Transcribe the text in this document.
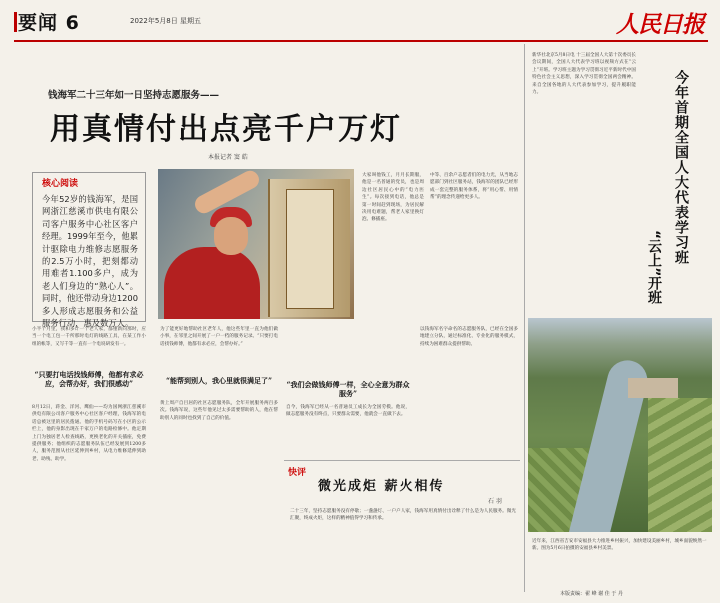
要闻 6	2022年5月8日 星期五	人民日报
钱海军二十三年如一日坚持志愿服务——
用真情付出点亮千户万灯
本报记者 窦 皓
核心阅读
今年52岁的钱海军，是国网浙江慈溪市供电有限公司客户服务中心社区客户经理。1999年至今，他累计驱除电力维修志愿服务的2.5万小时，把刻都动用难者1.100多户，成为老人们身边的“熟心人”。同时，他还带动身边1200多人形成志愿服务和公益服务行动，惠及数万人。
小半个月里，我和多计一个老人家，都重新向那时，应当一个电工包一千所那时电灯的线路工具，在某工作小组的帐等，又写千等一直有一个电说研发有一。
“只要打电话找钱师傅，他都有求必应，会帮办好，我们很感动”
8月12日，蒋金、洋河、鹰仙——均为国网浙江慈溪市供电有限公司客户服务中心社区客户经理，钱海军的电话总被这里的居民拨通。他的手机号码写在小区的公示栏上，他的身影出现在千家万户的电路检修中。他定期上门为独居老人检查线路，更换老化的开关插座，免费提供服务；他组织的志愿服务队伍已经发展到1200多人，服务范围从社区延伸到乡村，从电力维修延伸到助老、助残、助学。
为了能更好地帮助社区老年人，他这些年里一直为他们做小事，在邻里之间开展了一户一档的服务记录。“只要打电话找钱师傅，他都有求必应，会帮办好。”
“能帮到别人，我心里就很满足了”
黄上周产自目居的社区志愿服务队，全年开展服务两百多次。钱海军说，这些年他见过太多需要帮助的人，他在帮助别人的同时也找到了自己的价值。
大家叫他钱工，月月长期服，他是一名普通的党员，也是周边社区居民心中的“电力医生”。每次接到电话，他总是第一时间赶到现场，为居民解决用电难题，帮老人家里换灯泡、修插座。
“我们会做钱师傅一样，全心全意为群众服务”
自今，钱海军已经从一名普通员工成长为全国劳模。他说，做志愿服务没有终点，只要群众需要，他就会一直做下去。
中等、百余户志愿者们的电力光，从当地志愿部门到社区服务站，钱海军的团队已经形成一套完整的服务体系，将“用心帮、用情帮”的理念传递给更多人。
以钱海军名字命名的志愿服务队，已经在全国多地建立分队，通过标准化、专业化的服务模式，持续为困难群众提供帮助。
快评
微光成炬 薪火相传
石 羽
二十三年，坚持志愿服务没有停歇；一盏盏灯、一户户人家，钱海军用真情付出诠释了什么是为人民服务。微光汇聚，终成火炬，这样的精神值得学习和传承。
今年首期全国人大代表学习班
“云上”开班
新华社北京5月8日电 十三届全国人大第十次委员长会议期间，全国人大代表学习班以视频方式在“云上”开班。学习班主题为学习贯彻习近平新时代中国特色社会主义思想，深入学习贯彻全国两会精神。来自全国各地的人大代表参加学习，提升履职能力。
近年来，江西省吉安市安福县大力推进乡村振兴，加快建设美丽乡村，城乡面貌焕然一新。图为5月6日拍摄的安福县乡村美景。
本版责编：翟 峰 谢 佳 于 丹
